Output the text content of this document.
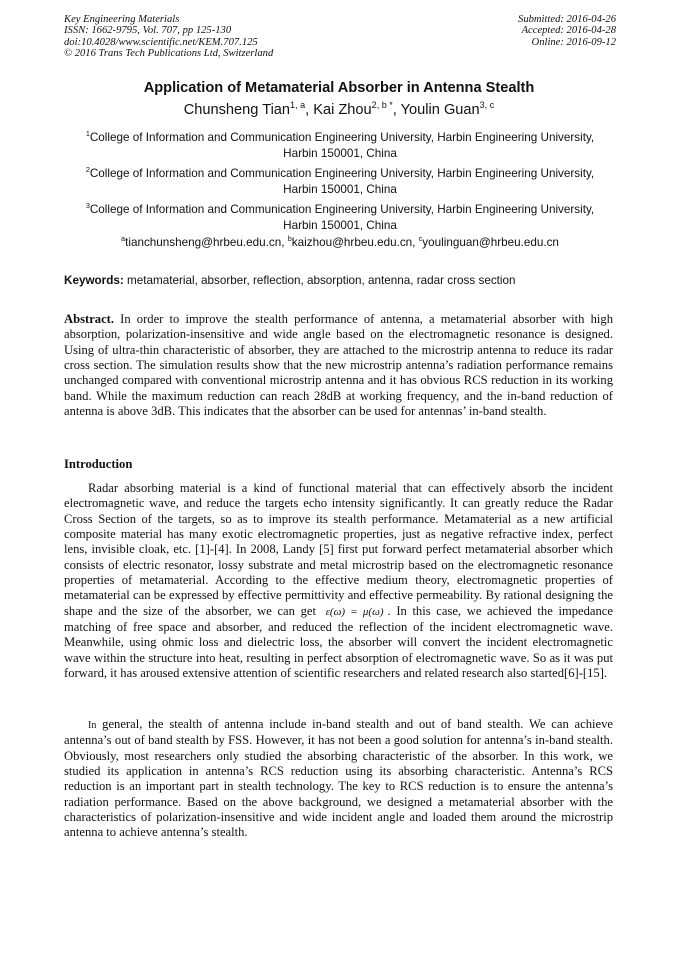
Key Engineering Materials
ISSN: 1662-9795, Vol. 707, pp 125-130
doi:10.4028/www.scientific.net/KEM.707.125
© 2016 Trans Tech Publications Ltd, Switzerland
Submitted: 2016-04-26
Accepted: 2016-04-28
Online: 2016-09-12
Application of Metamaterial Absorber in Antenna Stealth
Chunsheng Tian$^{1, a}$, Kai Zhou$^{2, b *}$, Youlin Guan$^{3, c}$
$^1$College of Information and Communication Engineering University, Harbin Engineering University,
Harbin 150001, China
$^2$College of Information and Communication Engineering University, Harbin Engineering University,
Harbin 150001, China
$^3$College of Information and Communication Engineering University, Harbin Engineering University,
Harbin 150001, China
$^a$tianchunsheng@hrbeu.edu.cn, $^b$kaizhou@hrbeu.edu.cn, $^c$youlinguan@hrbeu.edu.cn
Keywords: metamaterial, absorber, reflection, absorption, antenna, radar cross section
Abstract. In order to improve the stealth performance of antenna, a metamaterial absorber with high absorption, polarization-insensitive and wide angle based on the electromagnetic resonance is designed. Using of ultra-thin characteristic of absorber, they are attached to the microstrip antenna to reduce its radar cross section. The simulation results show that the new microstrip antenna’s radiation performance remains unchanged compared with conventional microstrip antenna and it has obvious RCS reduction in its working band. While the maximum reduction can reach 28dB at working frequency, and the in-band reduction of antenna is above 3dB. This indicates that the absorber can be used for antennas’ in-band stealth.
Introduction

Radar absorbing material is a kind of functional material that can effectively absorb the incident electromagnetic wave, and reduce the targets echo intensity significantly. It can greatly reduce the Radar Cross Section of the targets, so as to improve its stealth performance. Metamaterial as a new artificial composite material has many exotic electromagnetic properties, just as negative refractive index, perfect lens, invisible cloak, etc. [1]-[4]. In 2008, Landy [5] first put forward perfect metamaterial absorber which consists of electric resonator, lossy substrate and metal microstrip based on the electromagnetic resonance properties of metamaterial. According to the effective medium theory, electromagnetic properties of metamaterial can be expressed by effective permittivity and effective permeability. By rational designing the shape and the size of the absorber, we can get ε(ω) = μ(ω) . In this case, we achieved the impedance matching of free space and absorber, and reduced the reflection of the incident electromagnetic wave. Meanwhile, using ohmic loss and dielectric loss, the absorber will convert the incident electromagnetic wave within the structure into heat, resulting in perfect absorption of electromagnetic wave. So as it was put forward, it has aroused extensive attention of scientific researchers and related research also started[6]-[15].

In general, the stealth of antenna include in-band stealth and out of band stealth. We can achieve antenna’s out of band stealth by FSS. However, it has not been a good solution for antenna’s in-band stealth. Obviously, most researchers only studied the absorbing characteristic of the absorber. In this work, we studied its application in antenna’s RCS reduction using its absorbing characteristic. Antenna’s RCS reduction is an important part in stealth technology. The key to RCS reduction is to ensure the antenna’s radiation performance. Based on the above background, we designed a metamaterial absorber with the characteristics of polarization-insensitive and wide incident angle and loaded them around the microstrip antenna to achieve antenna’s stealth.
